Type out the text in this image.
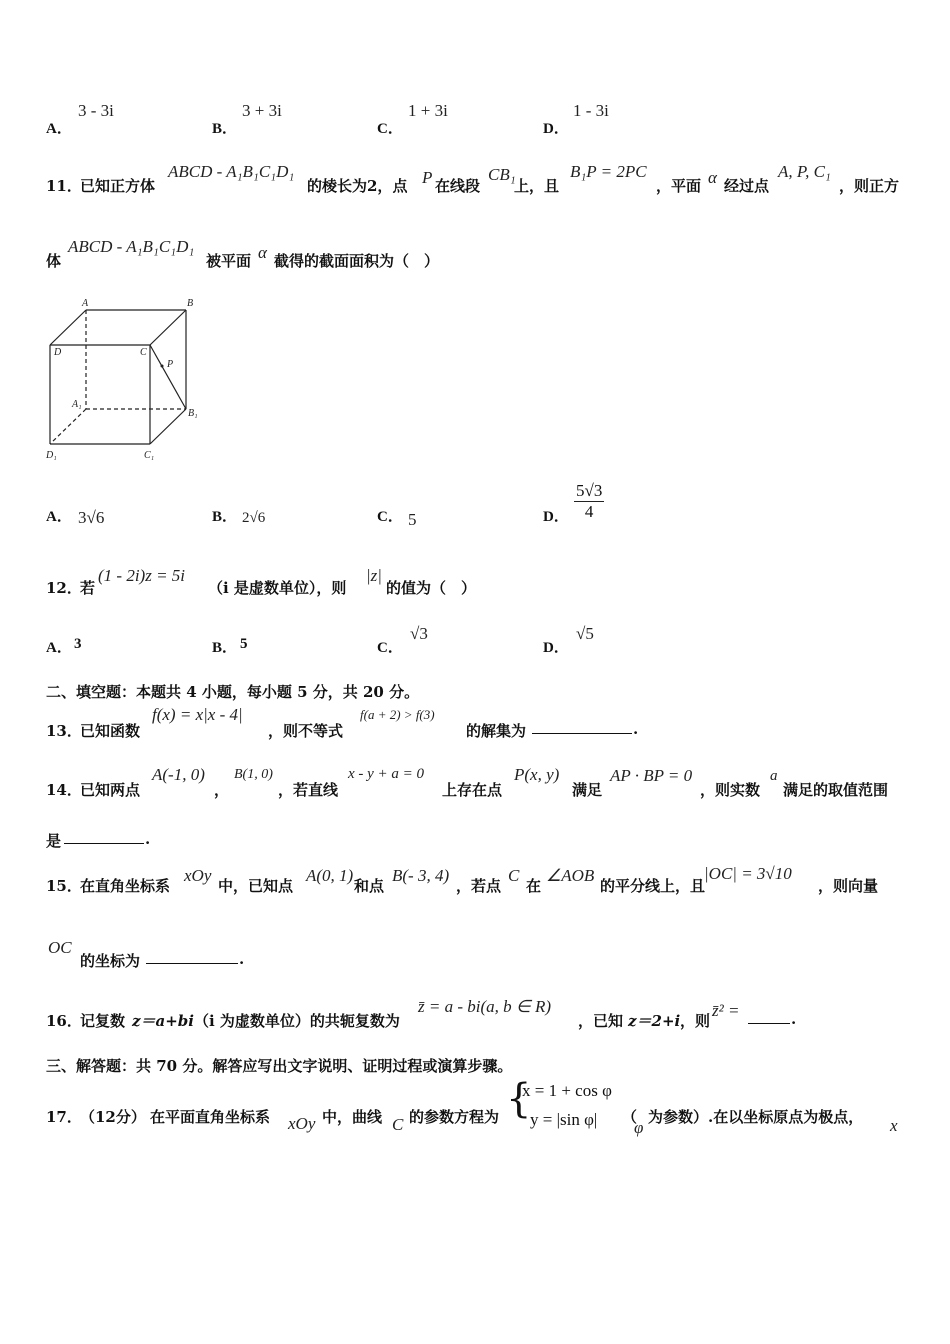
A．
3 - 3i
B．
3 + 3i
C．
1 + 3i
D．
1 - 3i
11．
已知正方体
ABCD - A₁B₁C₁D₁
的棱长为2，点 P 在线段
CB₁
上，且
B₁P = 2PC
，平面 α 经过点
A, P, C₁
，则正方
体
ABCD - A₁B₁C₁D₁
被平面 α 截得的截面面积为（　）
A	B
D	C
P
A₁
B₁
D₁	C₁
A． 3√6	B． 2√6	C． 5	D． $\frac{5√3}{4}$
12．
若
(1 - 2i)z = 5i
（i 是虚数单位），则
|z|
的值为（　）
A． 3	B． 5	C．
√3
D．
√5
二、填空题：本题共 4 小题，每小题 5 分，共 20 分。
13．
已知函数
f(x) = x|x - 4|
，则不等式
f(a + 2) > f(3)
的解集为	.
14．
已知两点
A(-1, 0)
，
B(1, 0)
，若直线
x - y + a = 0
上存在点
P(x, y)
满足
AP · BP = 0
，则实数
a
满足的取值范围
是	.
15．
在直角坐标系
xOy
中，已知点
A(0, 1)
和点
B(- 3, 4)
，若点
C
在
∠AOB
的平分线上，且
|OC| = 3√10
，则向量
OC
的坐标为	.
16．
记复数 z＝a+bi （i 为虚数单位）的共轭复数为
z̄ = a - bi(a, b ∈ R)
，已知 z＝2+i ，则
z̄² =	.
三、解答题：共 70 分。解答应写出文字说明、证明过程或演算步骤。
17．
（12分） 在平面直角坐标系 xOy 中，曲线 C 的参数方程为 {
x = 1 + cos φ
y = |sin φ| （
φ
为参数）.在以坐标原点为极点， x
